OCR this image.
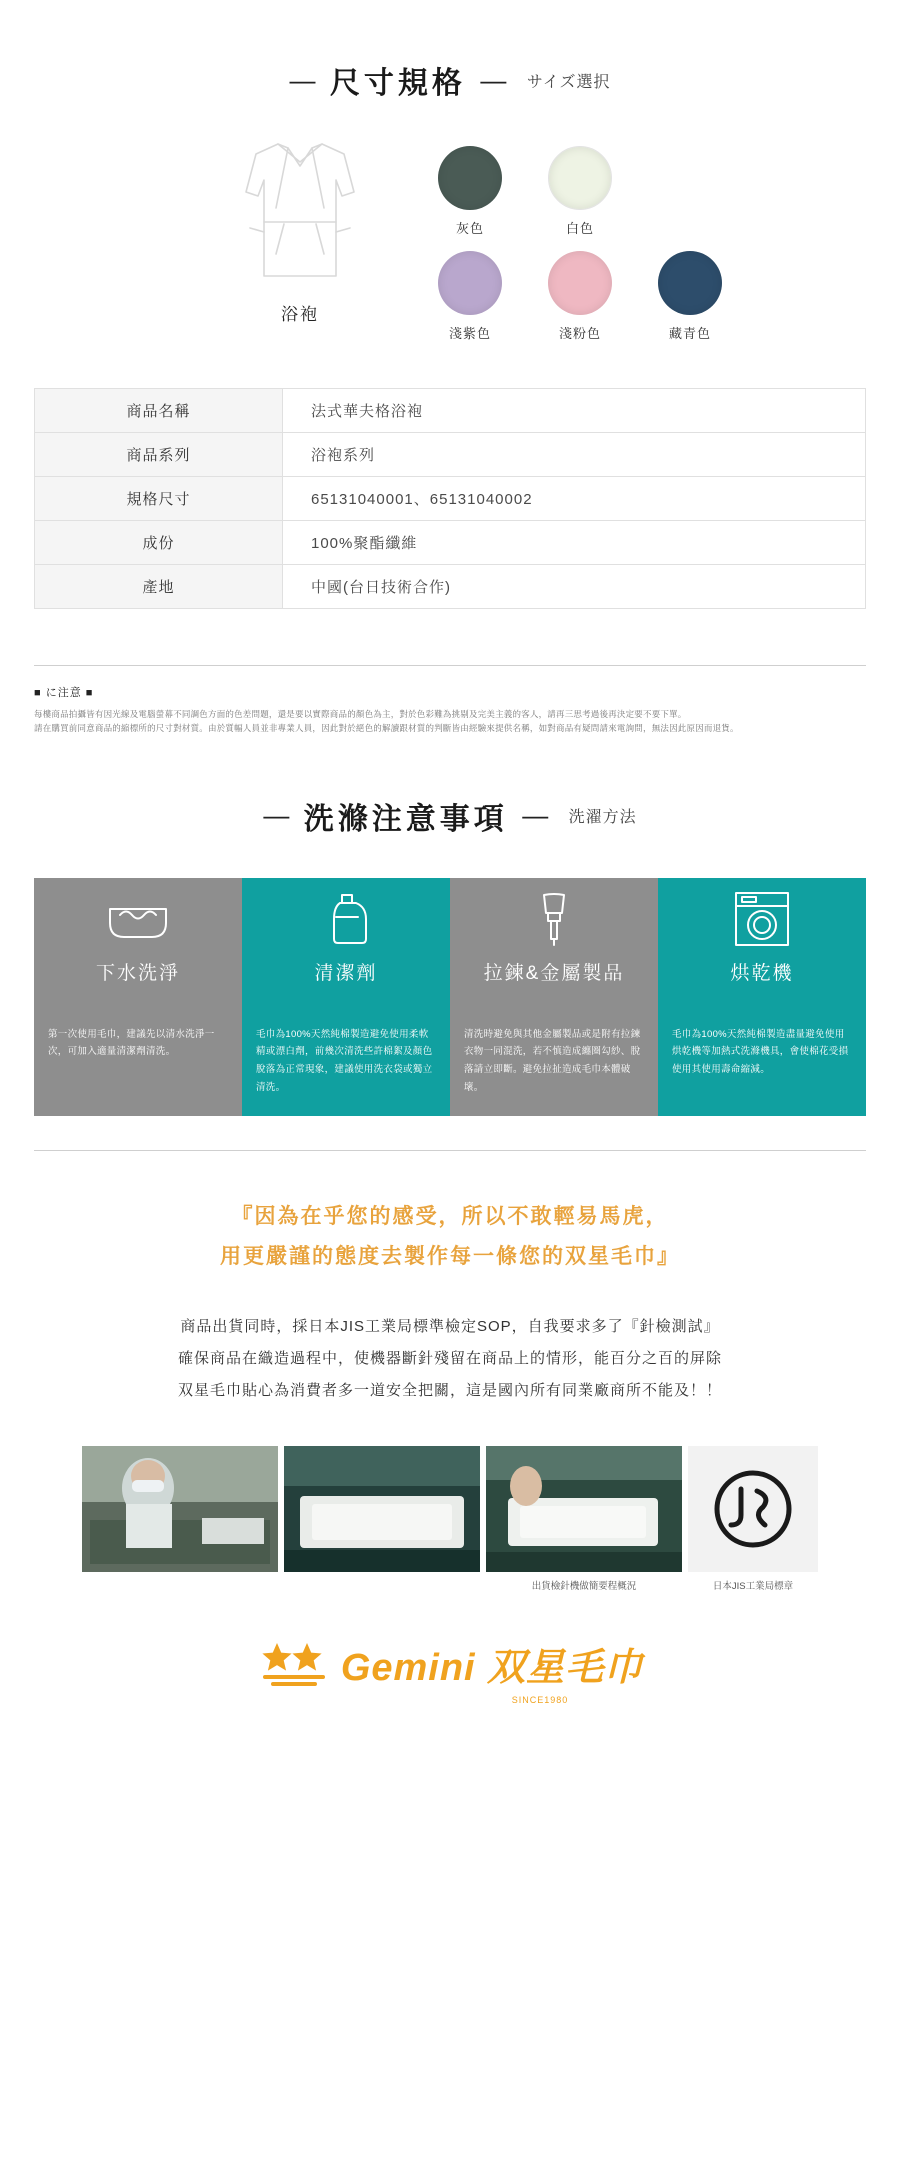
— 尺寸規格 — サイズ選択
浴袍
灰色	白色
淺紫色	淺粉色	藏青色
商品名稱	法式華夫格浴袍
商品系列	浴袍系列
規格尺寸	65131040001、65131040002
成份	100%聚酯纖維
產地	中國(台日技術合作)
■ に注意 ■

每樓商品拍攝皆有因光線及電腦螢幕不同調色方面的色差問題，還是要以實際商品的顏色為主，對於色彩難為挑剔及完美主義的客人，請再三思考過後再決定要不要下單。

請在購買前同意商品的縮標所的尺寸對材質。由於質幅人員並非專業人員，因此對於絕色的解讀跟材質的判斷皆由經驗來提供名稱，如對商品有疑問請來電詢問，無法因此原因而退貨。

— 洗滌注意事項 — 洗濯方法
下水洗淨
第一次使用毛巾，建議先以清水洗淨一次，可加入適量清潔劑清洗。
清潔劑
毛巾為100%天然純棉製造避免使用柔軟精或漂白劑，前幾次清洗些許棉絮及顏色脫落為正常現象，建議使用洗衣袋或獨立清洗。
拉鍊&金屬製品
清洗時避免與其他金屬製品或是附有拉鍊衣物一同混洗，若不慎造成纏圈勾紗、脫落請立即斷。避免拉扯造成毛巾本體破壞。
烘乾機
毛巾為100%天然純棉製造盡量避免使用烘乾機等加熱式洗滌機具，會使棉花受損使用其使用壽命縮減。
『因為在乎您的感受，所以不敢輕易馬虎，
用更嚴謹的態度去製作每一條您的双星毛巾』
商品出貨同時，採日本JIS工業局標準檢定SOP，自我要求多了『針檢測試』
確保商品在織造過程中，使機器斷針殘留在商品上的情形，能百分之百的屏除
双星毛巾貼心為消費者多一道安全把關，這是國內所有同業廠商所不能及！！
出貨檢針機做簡要程概況	日本JIS工業局標章
Gemini 双星毛巾
SINCE1980
